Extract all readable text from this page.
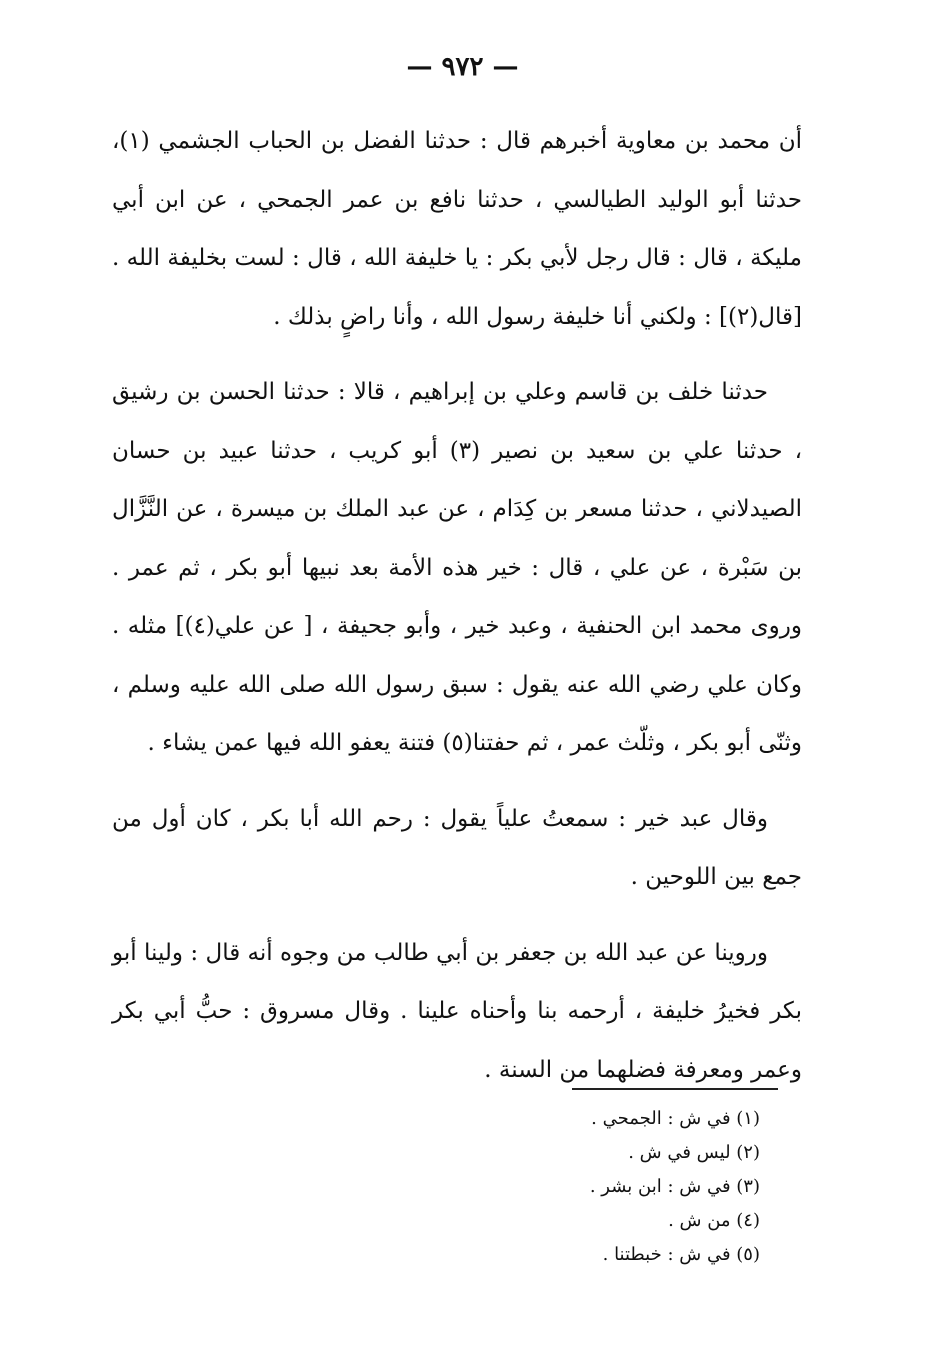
— ٩٧٢ —

أن محمد بن معاوية أخبرهم قال : حدثنا الفضل بن الحباب الجشمي (١)، حدثنا أبو الوليد الطيالسي ، حدثنا نافع بن عمر الجمحي ، عن ابن أبي مليكة ، قال : قال رجل لأبي بكر : يا خليفة الله ، قال : لست بخليفة الله . [قال(٢)] : ولكني أنا خليفة رسول الله ، وأنا راضٍ بذلك .

حدثنا خلف بن قاسم وعلي بن إبراهيم ، قالا : حدثنا الحسن بن رشيق ، حدثنا علي بن سعيد بن نصير (٣) أبو كريب ، حدثنا عبيد بن حسان الصيدلاني ، حدثنا مسعر بن كِدَام ، عن عبد الملك بن ميسرة ، عن النَّزَّال بن سَبْرة ، عن علي ، قال : خير هذه الأمة بعد نبيها أبو بكر ، ثم عمر . وروى محمد ابن الحنفية ، وعبد خير ، وأبو جحيفة ، [ عن علي(٤)] مثله . وكان علي رضي الله عنه يقول : سبق رسول الله صلى الله عليه وسلم ، وثنّى أبو بكر ، وثلّث عمر ، ثم حفتنا(٥) فتنة يعفو الله فيها عمن يشاء .

وقال عبد خير : سمعتُ علياً يقول : رحم الله أبا بكر ، كان أول من جمع بين اللوحين .

وروينا عن عبد الله بن جعفر بن أبي طالب من وجوه أنه قال : ولينا أبو بكر فخيرُ خليفة ، أرحمه بنا وأحناه علينا . وقال مسروق : حبُّ أبي بكر وعمر ومعرفة فضلهما من السنة .

(١) في ش : الجمحي .
(٢) ليس في ش .
(٣) في ش : ابن بشر .
(٤) من ش .
(٥) في ش : خبطتنا .
